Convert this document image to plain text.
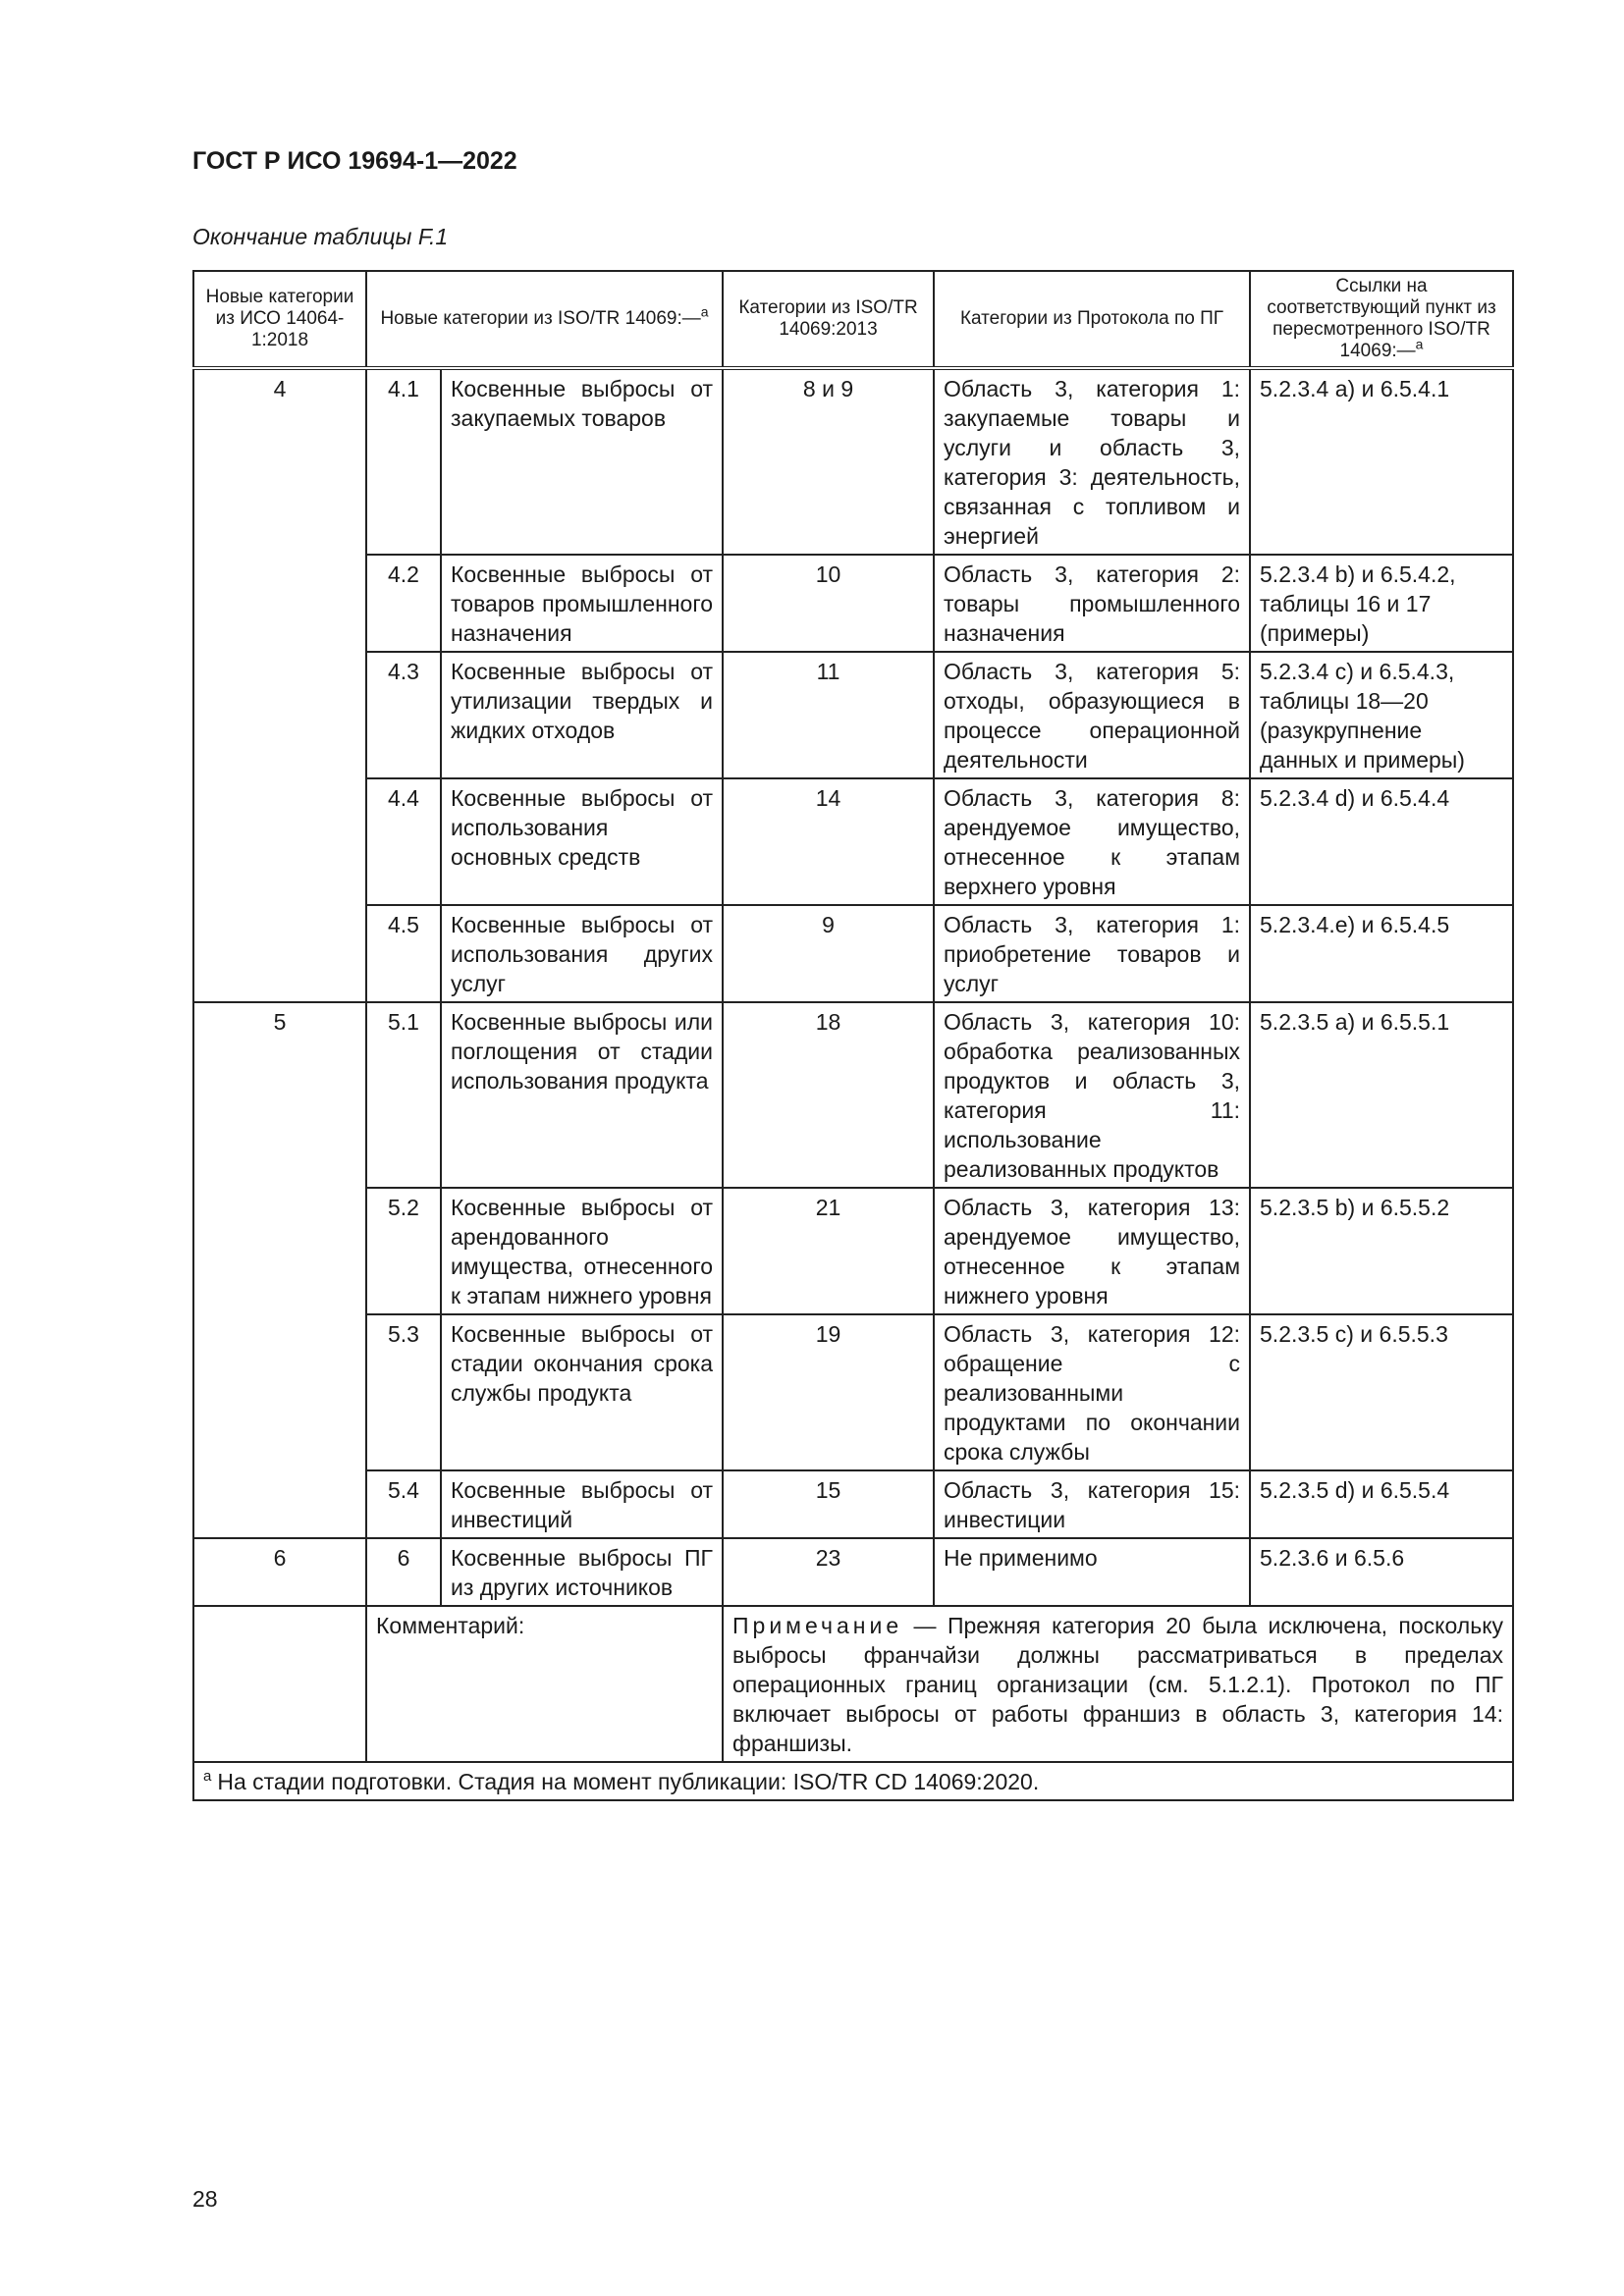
ГОСТ Р ИСО 19694-1—2022
Окончание таблицы F.1
Новые категории из ИСО 14064-1:2018	Новые категории из ISO/TR 14069:—$^a$		Категории из ISO/TR 14069:2013	Категории из Протокола по ПГ	Ссылки на соответствующий пункт из пересмотренного ISO/TR 14069:—$^a$
4	4.1	Косвенные выбросы от закупаемых товаров	8 и 9	Область 3, категория 1: закупаемые товары и услуги и область 3, категория 3: деятельность, связанная с топливом и энергией	5.2.3.4 a) и 6.5.4.1
	4.2	Косвенные выбросы от товаров промышленного назначения	10	Область 3, категория 2: товары промышленного назначения	5.2.3.4 b) и 6.5.4.2, таблицы 16 и 17 (примеры)
	4.3	Косвенные выбросы от утилизации твердых и жидких отходов	11	Область 3, категория 5: отходы, образующиеся в процессе операционной деятельности	5.2.3.4 c) и 6.5.4.3, таблицы 18—20 (разукрупнение данных и примеры)
	4.4	Косвенные выбросы от использования основных средств	14	Область 3, категория 8: арендуемое имущество, отнесенное к этапам верхнего уровня	5.2.3.4 d) и 6.5.4.4
	4.5	Косвенные выбросы от использования других услуг	9	Область 3, категория 1: приобретение товаров и услуг	5.2.3.4.e) и 6.5.4.5
5	5.1	Косвенные выбросы или поглощения от стадии использования продукта	18	Область 3, категория 10: обработка реализованных продуктов и область 3, категория 11: использование реализованных продуктов	5.2.3.5 a) и 6.5.5.1
	5.2	Косвенные выбросы от арендованного имущества, отнесенного к этапам нижнего уровня	21	Область 3, категория 13: арендуемое имущество, отнесенное к этапам нижнего уровня	5.2.3.5 b) и 6.5.5.2
	5.3	Косвенные выбросы от стадии окончания срока службы продукта	19	Область 3, категория 12: обращение с реализованными продуктами по окончании срока службы	5.2.3.5 c) и 6.5.5.3
	5.4	Косвенные выбросы от инвестиций	15	Область 3, категория 15: инвестиции	5.2.3.5 d) и 6.5.5.4
6	6	Косвенные выбросы ПГ из других источников	23	Не применимо	5.2.3.6 и 6.5.6
	Комментарий:		Примечание — Прежняя категория 20 была исключена, поскольку выбросы франчайзи должны рассматриваться в пределах операционных границ организации (см. 5.1.2.1). Протокол по ПГ включает выбросы от работы франшиз в область 3, категория 14: франшизы.		
$^a$ На стадии подготовки. Стадия на момент публикации: ISO/TR CD 14069:2020.					
28
